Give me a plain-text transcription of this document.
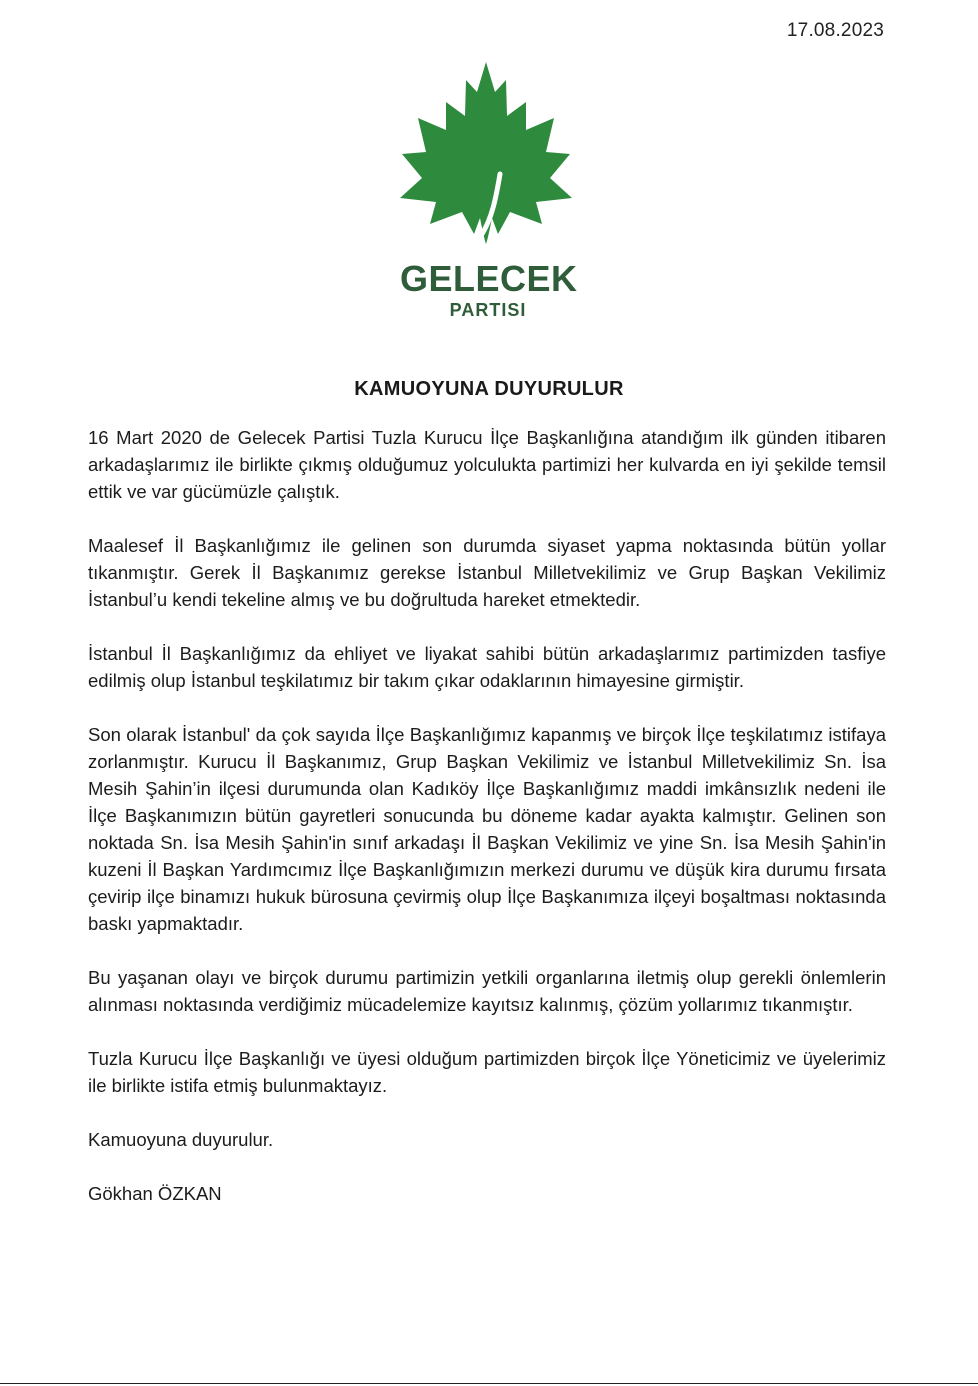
17.08.2023
GELECEK
PARTISI
KAMUOYUNA DUYURULUR

16 Mart 2020 de Gelecek Partisi Tuzla Kurucu İlçe Başkanlığına atandığım ilk günden itibaren arkadaşlarımız ile birlikte çıkmış olduğumuz yolculukta partimizi her kulvarda en iyi şekilde temsil ettik ve var gücümüzle çalıştık.

Maalesef İl Başkanlığımız ile gelinen son durumda siyaset yapma noktasında bütün yollar tıkanmıştır. Gerek İl Başkanımız gerekse İstanbul Milletvekilimiz ve Grup Başkan Vekilimiz İstanbul’u kendi tekeline almış ve bu doğrultuda hareket etmektedir.

İstanbul İl Başkanlığımız da ehliyet ve liyakat sahibi bütün arkadaşlarımız partimizden tasfiye edilmiş olup İstanbul teşkilatımız bir takım çıkar odaklarının himayesine girmiştir.

Son olarak İstanbul' da çok sayıda İlçe Başkanlığımız kapanmış ve birçok İlçe teşkilatımız istifaya zorlanmıştır. Kurucu İl Başkanımız, Grup Başkan Vekilimiz ve İstanbul Milletvekilimiz Sn. İsa Mesih Şahin’in ilçesi durumunda olan Kadıköy İlçe Başkanlığımız maddi imkânsızlık nedeni ile İlçe Başkanımızın bütün gayretleri sonucunda bu döneme kadar ayakta kalmıştır. Gelinen son noktada Sn. İsa Mesih Şahin'in sınıf arkadaşı İl Başkan Vekilimiz ve yine Sn. İsa Mesih Şahin'in kuzeni İl Başkan Yardımcımız İlçe Başkanlığımızın merkezi durumu ve düşük kira durumu fırsata çevirip ilçe binamızı hukuk bürosuna çevirmiş olup İlçe Başkanımıza ilçeyi boşaltması noktasında baskı yapmaktadır.

Bu yaşanan olayı ve birçok durumu partimizin yetkili organlarına iletmiş olup gerekli önlemlerin alınması noktasında verdiğimiz mücadelemize kayıtsız kalınmış, çözüm yollarımız tıkanmıştır.

Tuzla Kurucu İlçe Başkanlığı ve üyesi olduğum partimizden birçok İlçe Yöneticimiz ve üyelerimiz ile birlikte istifa etmiş bulunmaktayız.

Kamuoyuna duyurulur.

Gökhan ÖZKAN
